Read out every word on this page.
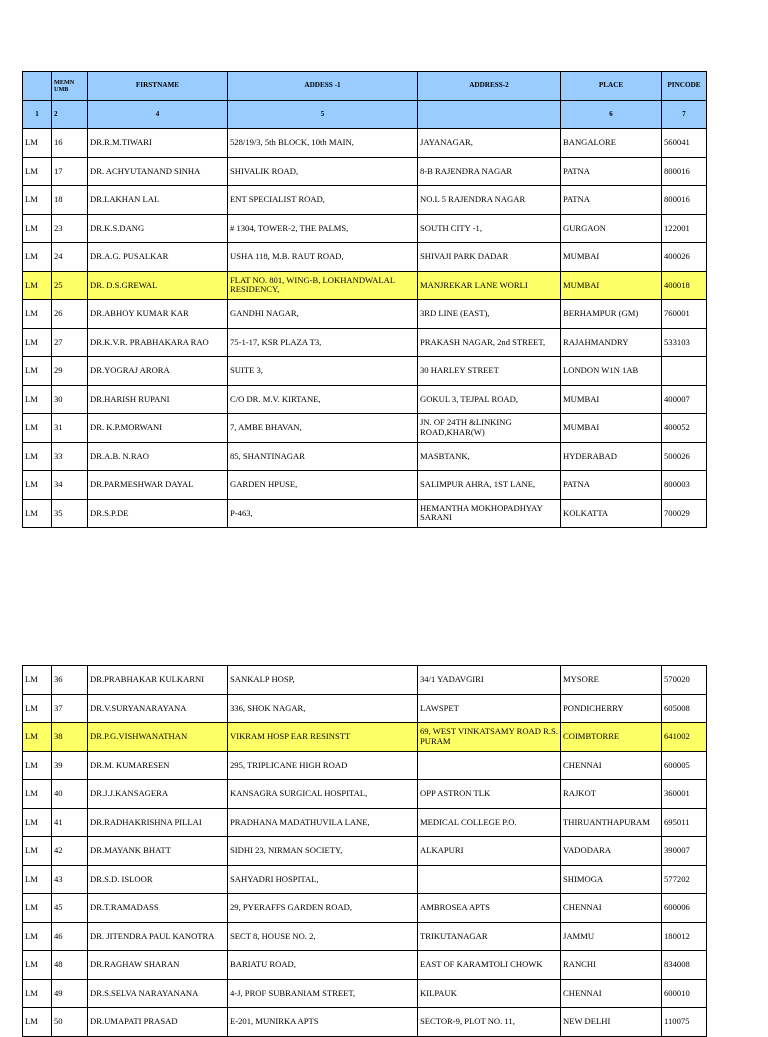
	MEMN UMB	FIRSTNAME	ADDESS -1	ADDRESS-2	PLACE	PINCODE
1	2	4	5		6	7
LM	16	DR.R.M.TIWARI	528/19/3, 5th BLOCK, 10th MAIN,	JAYANAGAR,	BANGALORE	560041
LM	17	DR. ACHYUTANAND SINHA	SHIVALIK ROAD,	8-B RAJENDRA NAGAR	PATNA	800016
LM	18	DR.LAKHAN LAL	ENT SPECIALIST ROAD,	NO.L 5 RAJENDRA NAGAR	PATNA	800016
LM	23	DR.K.S.DANG	# 1304, TOWER-2, THE PALMS,	SOUTH CITY -1,	GURGAON	122001
LM	24	DR.A.G. PUSALKAR	USHA 118, M.B. RAUT ROAD,	SHIVAJI PARK DADAR	MUMBAI	400026
LM	25	DR. D.S.GREWAL	FLAT NO. 801, WING-B, LOKHANDWALAL RESIDENCY,	MANJREKAR LANE WORLI	MUMBAI	400018
LM	26	DR.ABHOY KUMAR KAR	GANDHI NAGAR,	3RD LINE (EAST),	BERHAMPUR (GM)	760001
LM	27	DR.K.V.R. PRABHAKARA RAO	75-1-17, KSR PLAZA T3,	PRAKASH NAGAR, 2nd STREET,	RAJAHMANDRY	533103
LM	29	DR.YOGRAJ ARORA	SUITE 3,	30 HARLEY STREET	LONDON W1N 1AB	
LM	30	DR.HARISH RUPANI	C/O DR. M.V. KIRTANE,	GOKUL 3, TEJPAL ROAD,	MUMBAI	400007
LM	31	DR. K.P.MORWANI	7, AMBE BHAVAN,	JN. OF 24TH &LINKING ROAD,KHAR(W)	MUMBAI	400052
LM	33	DR.A.B. N.RAO	85, SHANTINAGAR	MASBTANK,	HYDERABAD	500026
LM	34	DR.PARMESHWAR DAYAL	GARDEN HPUSE,	SALIMPUR AHRA, 1ST LANE,	PATNA	800003
LM	35	DR.S.P.DE	P-463,	HEMANTHA MOKHOPADHYAY SARANI	KOLKATTA	700029
LM	36	DR.PRABHAKAR KULKARNI	SANKALP HOSP,	34/1 YADAVGIRI	MYSORE	570020
LM	37	DR.V.SURYANARAYANA	336, SHOK NAGAR,	LAWSPET	PONDICHERRY	605008
LM	38	DR.P.G.VISHWANATHAN	VIKRAM HOSP EAR RESINSTT	69, WEST VINKATSAMY ROAD R.S. PURAM	COIMBTORRE	641002
LM	39	DR.M. KUMARESEN	295, TRIPLICANE HIGH ROAD		CHENNAI	600005
LM	40	DR.J.J.KANSAGERA	KANSAGRA SURGICAL HOSPITAL,	OPP ASTRON TLK	RAJKOT	360001
LM	41	DR.RADHAKRISHNA PILLAI	PRADHANA MADATHUVILA LANE,	MEDICAL COLLEGE P.O.	THIRUANTHAPURAM	695011
LM	42	DR.MAYANK BHATT	SIDHI 23, NIRMAN SOCIETY,	ALKAPURI	VADODARA	390007
LM	43	DR.S.D. ISLOOR	SAHYADRI HOSPITAL,		SHIMOGA	577202
LM	45	DR.T.RAMADASS	29, PYERAFFS GARDEN ROAD,	AMBROSEA APTS	CHENNAI	600006
LM	46	DR. JITENDRA PAUL KANOTRA	SECT 8, HOUSE NO. 2,	TRIKUTANAGAR	JAMMU	180012
LM	48	DR.RAGHAW SHARAN	BARIATU ROAD,	EAST OF KARAMTOLI CHOWK	RANCHI	834008
LM	49	DR.S.SELVA NARAYANANA	4-J, PROF SUBRANIAM STREET,	KILPAUK	CHENNAI	600010
LM	50	DR.UMAPATI PRASAD	E-201, MUNIRKA APTS	SECTOR-9, PLOT NO. 11,	NEW DELHI	110075
